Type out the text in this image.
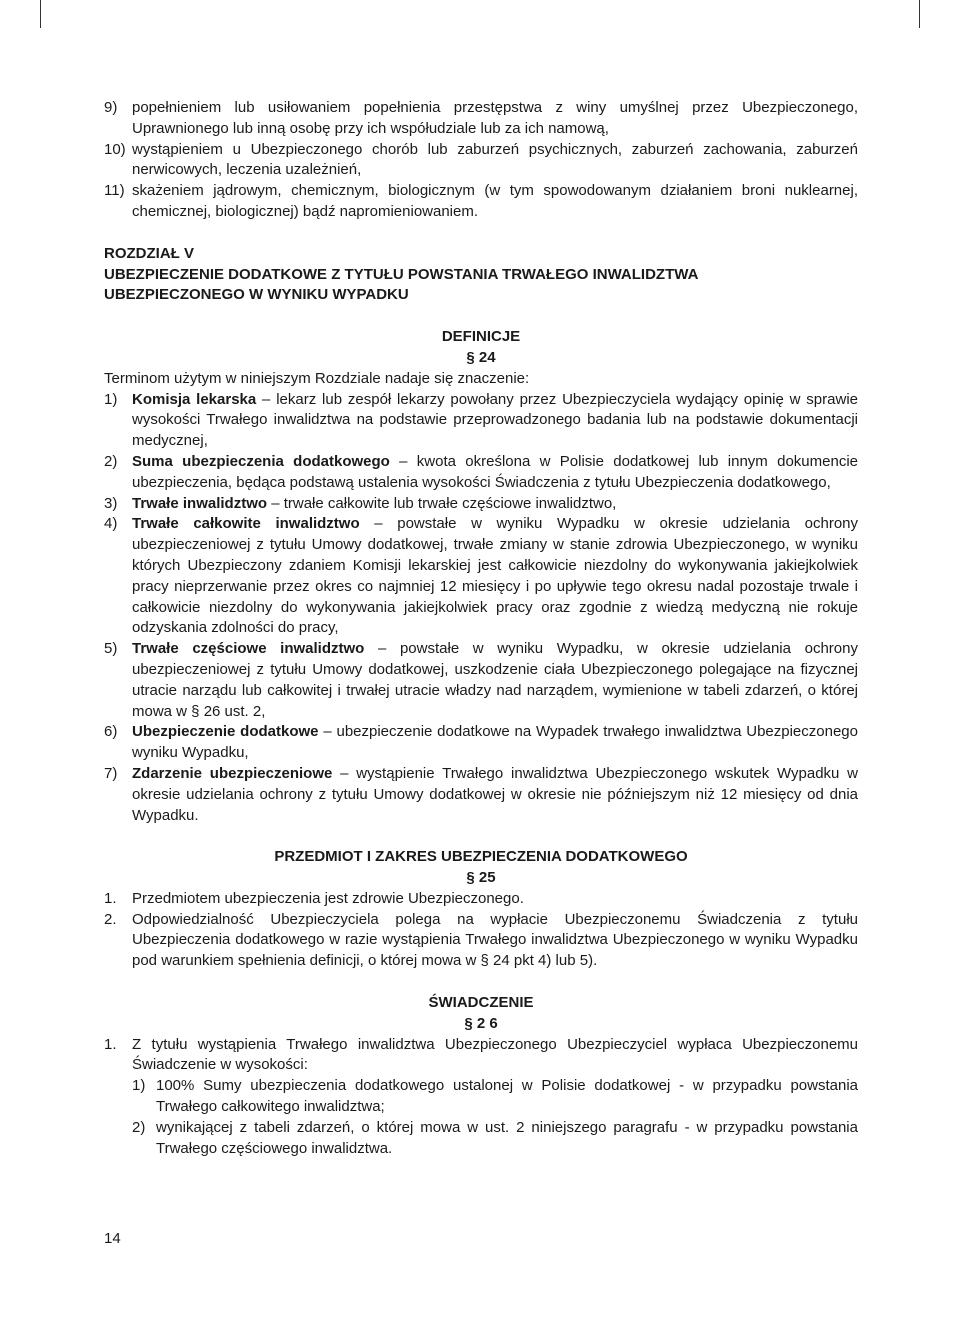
9) popełnieniem lub usiłowaniem popełnienia przestępstwa z winy umyślnej przez Ubezpieczonego, Uprawnionego lub inną osobę przy ich współudziale lub za ich namową,
10) wystąpieniem u Ubezpieczonego chorób lub zaburzeń psychicznych, zaburzeń zachowania, zaburzeń nerwicowych, leczenia uzależnień,
11) skażeniem jądrowym, chemicznym, biologicznym (w tym spowodowanym działaniem broni nuklearnej, chemicznej, biologicznej) bądź napromieniowaniem.
ROZDZIAŁ V
UBEZPIECZENIE DODATKOWE Z TYTUŁU POWSTANIA TRWAŁEGO INWALIDZTWA
UBEZPIECZONEGO W WYNIKU WYPADKU
DEFINICJE
§ 24
Terminom użytym w niniejszym Rozdziale nadaje się znaczenie:
1) Komisja lekarska – lekarz lub zespół lekarzy powołany przez Ubezpieczyciela wydający opinię w sprawie wysokości Trwałego inwalidztwa na podstawie przeprowadzonego badania lub na podstawie dokumentacji medycznej,
2) Suma ubezpieczenia dodatkowego – kwota określona w Polisie dodatkowej lub innym dokumencie ubezpieczenia, będąca podstawą ustalenia wysokości Świadczenia z tytułu Ubezpieczenia dodatkowego,
3) Trwałe inwalidztwo – trwałe całkowite lub trwałe częściowe inwalidztwo,
4) Trwałe całkowite inwalidztwo – powstałe w wyniku Wypadku w okresie udzielania ochrony ubezpieczeniowej z tytułu Umowy dodatkowej, trwałe zmiany w stanie zdrowia Ubezpieczonego, w wyniku których Ubezpieczony zdaniem Komisji lekarskiej jest całkowicie niezdolny do wykonywania jakiejkolwiek pracy nieprzerwanie przez okres co najmniej 12 miesięcy i po upływie tego okresu nadal pozostaje trwale i całkowicie niezdolny do wykonywania jakiejkolwiek pracy oraz zgodnie z wiedzą medyczną nie rokuje odzyskania zdolności do pracy,
5) Trwałe częściowe inwalidztwo – powstałe w wyniku Wypadku, w okresie udzielania ochrony ubezpieczeniowej z tytułu Umowy dodatkowej, uszkodzenie ciała Ubezpieczonego polegające na fizycznej utracie narządu lub całkowitej i trwałej utracie władzy nad narządem, wymienione w tabeli zdarzeń, o której mowa w § 26 ust. 2,
6) Ubezpieczenie dodatkowe – ubezpieczenie dodatkowe na Wypadek trwałego inwalidztwa Ubezpieczonego wyniku Wypadku,
7) Zdarzenie ubezpieczeniowe – wystąpienie Trwałego inwalidztwa Ubezpieczonego wskutek Wypadku w okresie udzielania ochrony z tytułu Umowy dodatkowej w okresie nie późniejszym niż 12 miesięcy od dnia Wypadku.
PRZEDMIOT I ZAKRES UBEZPIECZENIA DODATKOWEGO
§ 25
1. Przedmiotem ubezpieczenia jest zdrowie Ubezpieczonego.
2. Odpowiedzialność Ubezpieczyciela polega na wypłacie Ubezpieczonemu Świadczenia z tytułu Ubezpieczenia dodatkowego w razie wystąpienia Trwałego inwalidztwa Ubezpieczonego w wyniku Wypadku pod warunkiem spełnienia definicji, o której mowa w § 24 pkt 4) lub 5).
ŚWIADCZENIE
§ 2 6
1. Z tytułu wystąpienia Trwałego inwalidztwa Ubezpieczonego Ubezpieczyciel wypłaca Ubezpieczonemu Świadczenie w wysokości:
1) 100% Sumy ubezpieczenia dodatkowego ustalonej w Polisie dodatkowej - w przypadku powstania Trwałego całkowitego inwalidztwa;
2) wynikającej z tabeli zdarzeń, o której mowa w ust. 2 niniejszego paragrafu - w przypadku powstania Trwałego częściowego inwalidztwa.
14
